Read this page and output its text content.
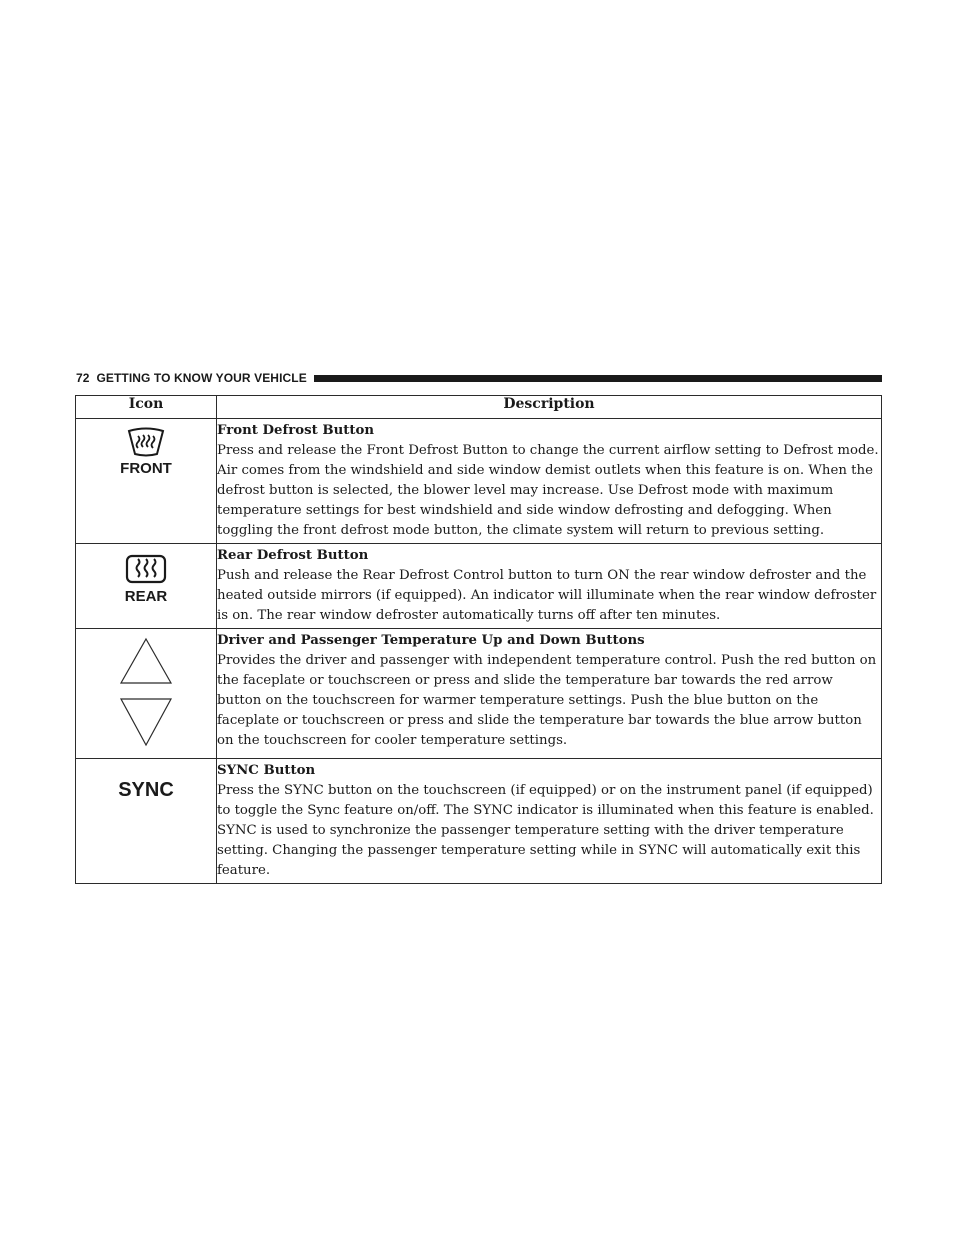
72 GETTING TO KNOW YOUR VEHICLE
Icon	Description

FRONT	Front Defrost Button
Press and release the Front Defrost Button to change the current airflow setting to Defrost mode. Air comes from the windshield and side window demist outlets when this feature is on. When the defrost button is selected, the blower level may increase. Use Defrost mode with maximum temperature settings for best windshield and side window defrosting and defogging. When toggling the front defrost mode button, the climate system will return to previous setting.

REAR	Rear Defrost Button
Push and release the Rear Defrost Control button to turn ON the rear window defroster and the heated outside mirrors (if equipped). An indicator will illuminate when the rear window defroster is on. The rear window defroster automatically turns off after ten minutes.

Driver and Passenger Temperature Up and Down Buttons
Provides the driver and passenger with independent temperature control. Push the red button on the faceplate or touchscreen or press and slide the temperature bar towards the red arrow button on the touchscreen for warmer temperature settings. Push the blue button on the faceplate or touchscreen or press and slide the temperature bar towards the blue arrow button on the touchscreen for cooler temperature settings.

SYNC	SYNC Button
Press the SYNC button on the touchscreen (if equipped) or on the instrument panel (if equipped) to toggle the Sync feature on/off. The SYNC indicator is illuminated when this feature is enabled. SYNC is used to synchronize the passenger temperature setting with the driver temperature setting. Changing the passenger temperature setting while in SYNC will automatically exit this feature.
